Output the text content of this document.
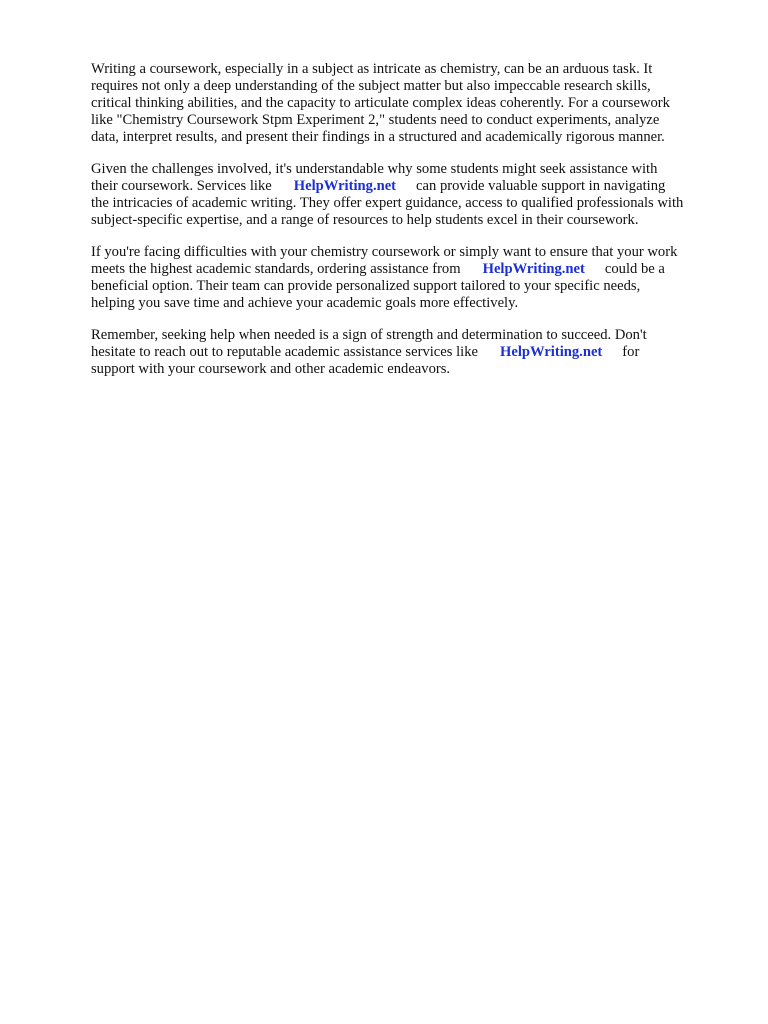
Writing a coursework, especially in a subject as intricate as chemistry, can be an arduous task. It
requires not only a deep understanding of the subject matter but also impeccable research skills,
critical thinking abilities, and the capacity to articulate complex ideas coherently. For a coursework
like "Chemistry Coursework Stpm Experiment 2," students need to conduct experiments, analyze
data, interpret results, and present their findings in a structured and academically rigorous manner.

Given the challenges involved, it's understandable why some students might seek assistance with
their coursework. Services like HelpWriting.net can provide valuable support in navigating
the intricacies of academic writing. They offer expert guidance, access to qualified professionals with
subject-specific expertise, and a range of resources to help students excel in their coursework.

If you're facing difficulties with your chemistry coursework or simply want to ensure that your work
meets the highest academic standards, ordering assistance from HelpWriting.net could be a
beneficial option. Their team can provide personalized support tailored to your specific needs,
helping you save time and achieve your academic goals more effectively.

Remember, seeking help when needed is a sign of strength and determination to succeed. Don't
hesitate to reach out to reputable academic assistance services like HelpWriting.net for
support with your coursework and other academic endeavors.
